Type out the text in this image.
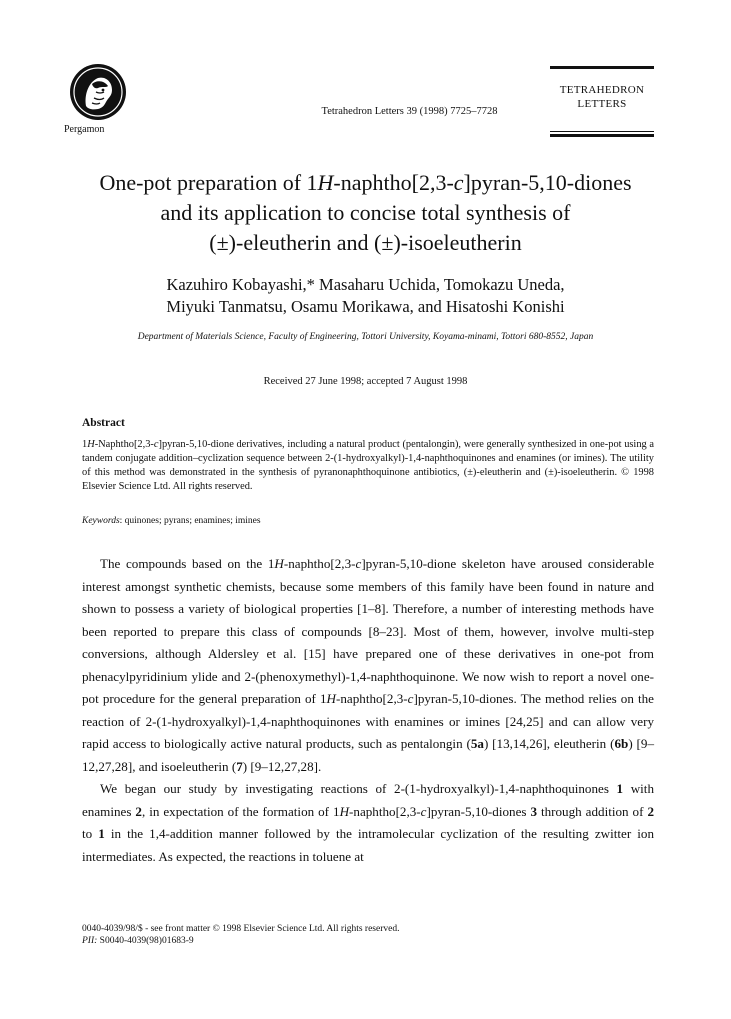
Pergamon
Tetrahedron Letters 39 (1998) 7725–7728
TETRAHEDRON
LETTERS
One-pot preparation of 1H-naphtho[2,3-c]pyran-5,10-diones
and its application to concise total synthesis of
(±)-eleutherin and (±)-isoeleutherin
Kazuhiro Kobayashi,* Masaharu Uchida, Tomokazu Uneda,
Miyuki Tanmatsu, Osamu Morikawa, and Hisatoshi Konishi
Department of Materials Science, Faculty of Engineering, Tottori University, Koyama-minami, Tottori 680-8552, Japan
Received 27 June 1998; accepted 7 August 1998
Abstract
1H-Naphtho[2,3-c]pyran-5,10-dione derivatives, including a natural product (pentalongin), were generally synthesized in one-pot using a tandem conjugate addition–cyclization sequence between 2-(1-hydroxyalkyl)-1,4-naphthoquinones and enamines (or imines). The utility of this method was demonstrated in the synthesis of pyranonaphthoquinone antibiotics, (±)-eleutherin and (±)-isoeleutherin. © 1998 Elsevier Science Ltd. All rights reserved.
Keywords: quinones; pyrans; enamines; imines

The compounds based on the 1H-naphtho[2,3-c]pyran-5,10-dione skeleton have aroused considerable interest amongst synthetic chemists, because some members of this family have been found in nature and shown to possess a variety of biological properties [1–8]. Therefore, a number of interesting methods have been reported to prepare this class of compounds [8–23]. Most of them, however, involve multi-step conversions, although Aldersley et al. [15] have prepared one of these derivatives in one-pot from phenacylpyridinium ylide and 2-(phenoxymethyl)-1,4-naphthoquinone. We now wish to report a novel one-pot procedure for the general preparation of 1H-naphtho[2,3-c]pyran-5,10-diones. The method relies on the reaction of 2-(1-hydroxyalkyl)-1,4-naphthoquinones with enamines or imines [24,25] and can allow very rapid access to biologically active natural products, such as pentalongin (5a) [13,14,26], eleutherin (6b) [9–12,27,28], and isoeleutherin (7) [9–12,27,28].

We began our study by investigating reactions of 2-(1-hydroxyalkyl)-1,4-naphthoquinones 1 with enamines 2, in expectation of the formation of 1H-naphtho[2,3-c]pyran-5,10-diones 3 through addition of 2 to 1 in the 1,4-addition manner followed by the intramolecular cyclization of the resulting zwitter ion intermediates. As expected, the reactions in toluene at

0040-4039/98/$ - see front matter © 1998 Elsevier Science Ltd. All rights reserved.
PII: S0040-4039(98)01683-9
